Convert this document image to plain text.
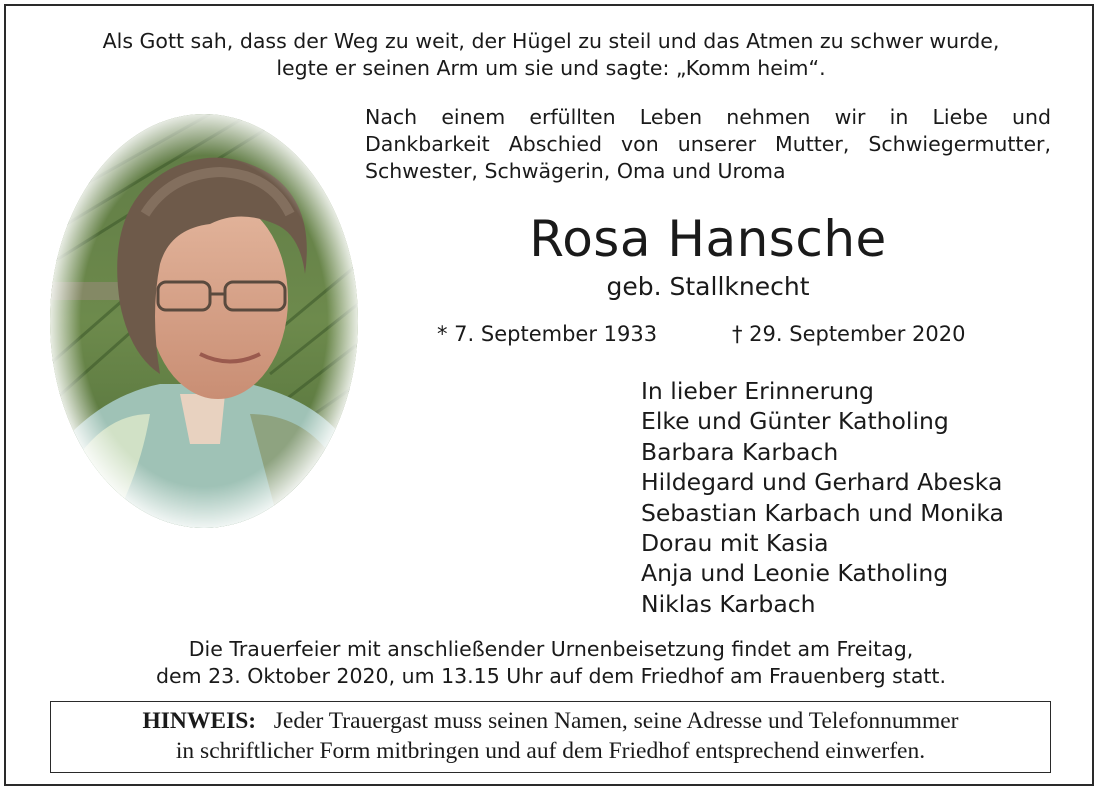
Als Gott sah, dass der Weg zu weit, der Hügel zu steil und das Atmen zu schwer wurde,
legte er seinen Arm um sie und sagte: „Komm heim“.
Nach einem erfüllten Leben nehmen wir in Liebe und
Dankbarkeit Abschied von unserer Mutter, Schwiegermutter,
Schwester, Schwägerin, Oma und Uroma
Rosa Hansche
geb. Stallknecht
* 7. September 1933	† 29. September 2020
In lieber Erinnerung
Elke und Günter Katholing
Barbara Karbach
Hildegard und Gerhard Abeska
Sebastian Karbach und Monika
Dorau mit Kasia
Anja und Leonie Katholing
Niklas Karbach
Die Trauerfeier mit anschließender Urnenbeisetzung findet am Freitag,
dem 23. Oktober 2020, um 13.15 Uhr auf dem Friedhof am Frauenberg statt.
HINWEIS: Jeder Trauergast muss seinen Namen, seine Adresse und Telefonnummer
in schriftlicher Form mitbringen und auf dem Friedhof entsprechend einwerfen.
